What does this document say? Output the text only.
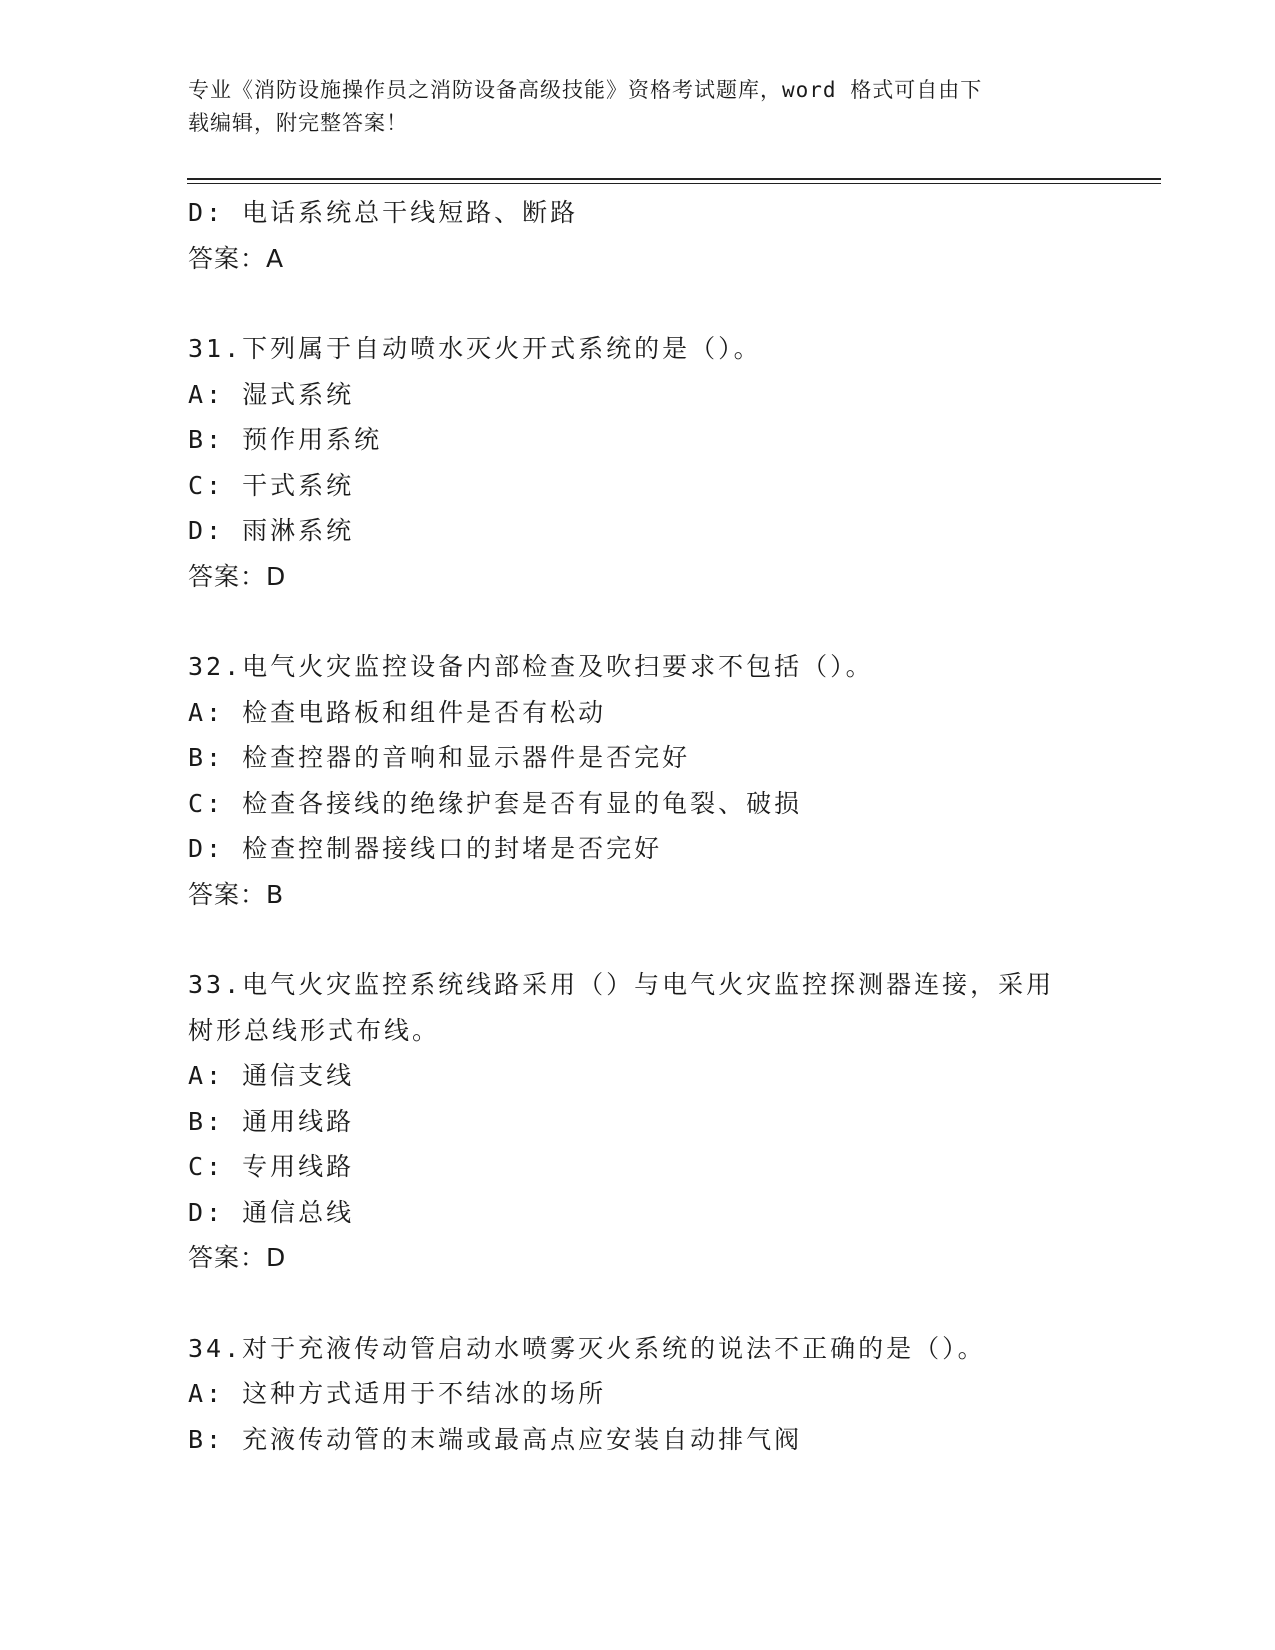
专业《消防设施操作员之消防设备高级技能》资格考试题库，word 格式可自由下
载编辑，附完整答案！
D: 电话系统总干线短路、断路
答案：A
31.下列属于自动喷水灭火开式系统的是（）。
A: 湿式系统
B: 预作用系统
C: 干式系统
D: 雨淋系统
答案：D
32.电气火灾监控设备内部检查及吹扫要求不包括（）。
A: 检查电路板和组件是否有松动
B: 检查控器的音响和显示器件是否完好
C: 检查各接线的绝缘护套是否有显的龟裂、破损
D: 检查控制器接线口的封堵是否完好
答案：B
33.电气火灾监控系统线路采用（）与电气火灾监控探测器连接，采用
树形总线形式布线。
A: 通信支线
B: 通用线路
C: 专用线路
D: 通信总线
答案：D
34.对于充液传动管启动水喷雾灭火系统的说法不正确的是（）。
A: 这种方式适用于不结冰的场所
B: 充液传动管的末端或最高点应安装自动排气阀
